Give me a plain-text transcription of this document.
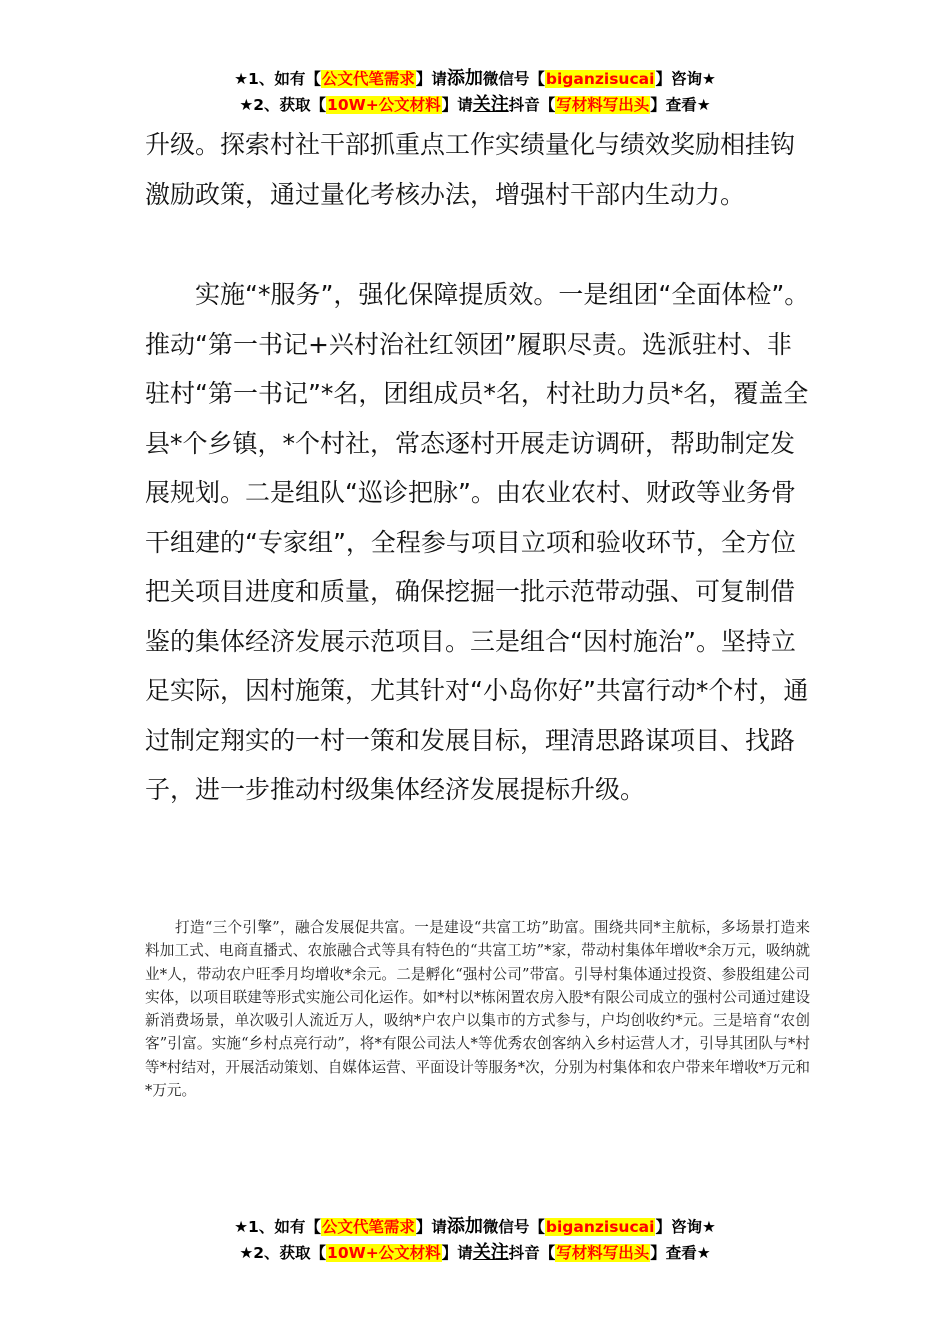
★1、如有【公文代笔需求】请添加微信号【biganzisucai】咨询★
★2、获取【10W+公文材料】请关注抖音【写材料写出头】查看★

升级。探索村社干部抓重点工作实绩量化与绩效奖励相挂钩激励政策，通过量化考核办法，增强村干部内生动力。

实施“*服务”，强化保障提质效。一是组团“全面体检”。推动“第一书记+兴村治社红领团”履职尽责。选派驻村、非驻村“第一书记”*名，团组成员*名，村社助力员*名，覆盖全县*个乡镇，*个村社，常态逐村开展走访调研，帮助制定发展规划。二是组队“巡诊把脉”。由农业农村、财政等业务骨干组建的“专家组”，全程参与项目立项和验收环节，全方位把关项目进度和质量，确保挖掘一批示范带动强、可复制借鉴的集体经济发展示范项目。三是组合“因村施治”。坚持立足实际，因村施策，尤其针对“小岛你好”共富行动*个村，通过制定翔实的一村一策和发展目标，理清思路谋项目、找路子，进一步推动村级集体经济发展提标升级。

打造“三个引擎”，融合发展促共富。一是建设“共富工坊”助富。围绕共同*主航标，多场景打造来料加工式、电商直播式、农旅融合式等具有特色的“共富工坊”*家，带动村集体年增收*余万元，吸纳就业*人，带动农户旺季月均增收*余元。二是孵化“强村公司”带富。引导村集体通过投资、参股组建公司实体，以项目联建等形式实施公司化运作。如*村以*栋闲置农房入股*有限公司成立的强村公司通过建设新消费场景，单次吸引人流近万人，吸纳*户农户以集市的方式参与，户均创收约*元。三是培育“农创客”引富。实施“乡村点亮行动”，将*有限公司法人*等优秀农创客纳入乡村运营人才，引导其团队与*村等*村结对，开展活动策划、自媒体运营、平面设计等服务*次，分别为村集体和农户带来年增收*万元和*万元。

★1、如有【公文代笔需求】请添加微信号【biganzisucai】咨询★
★2、获取【10W+公文材料】请关注抖音【写材料写出头】查看★
